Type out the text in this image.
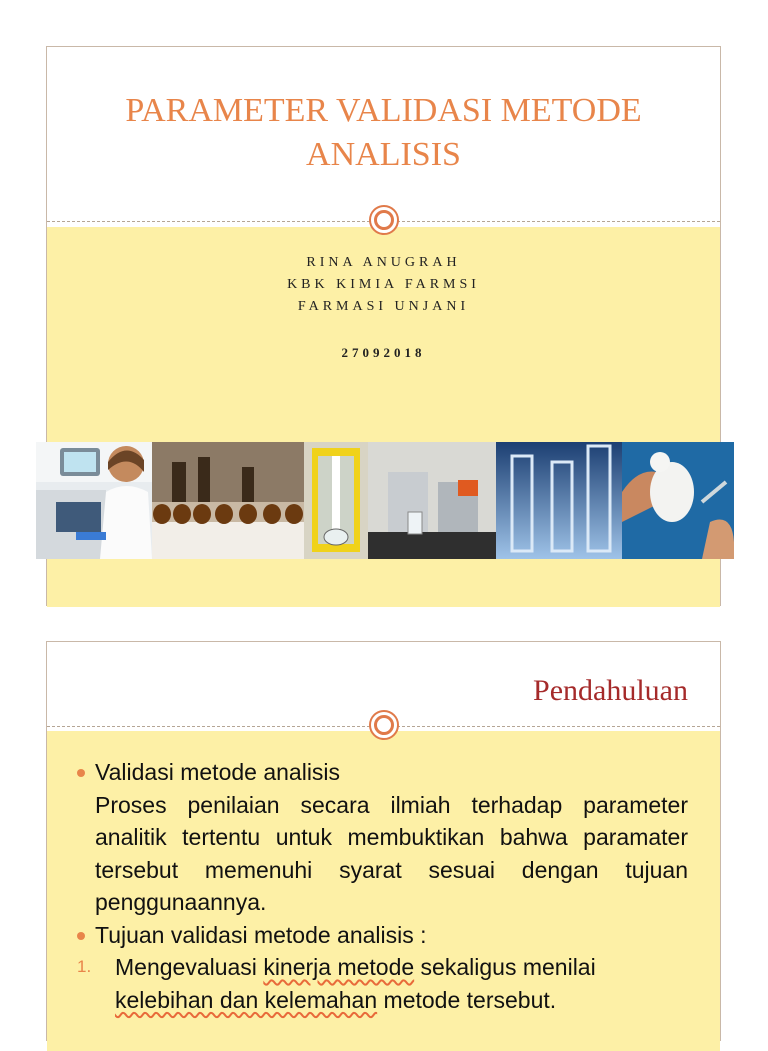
PARAMETER VALIDASI METODE
ANALISIS
RINA ANUGRAH
KBK KIMIA FARMSI
FARMASI UNJANI
27092018
Pendahuluan
Validasi metode analisis
Proses penilaian secara ilmiah terhadap parameter analitik tertentu untuk membuktikan bahwa paramater tersebut memenuhi syarat sesuai dengan tujuan penggunaannya.
Tujuan validasi metode analisis :
1. Mengevaluasi kinerja metode sekaligus menilai
kelebihan dan kelemahan metode tersebut.
